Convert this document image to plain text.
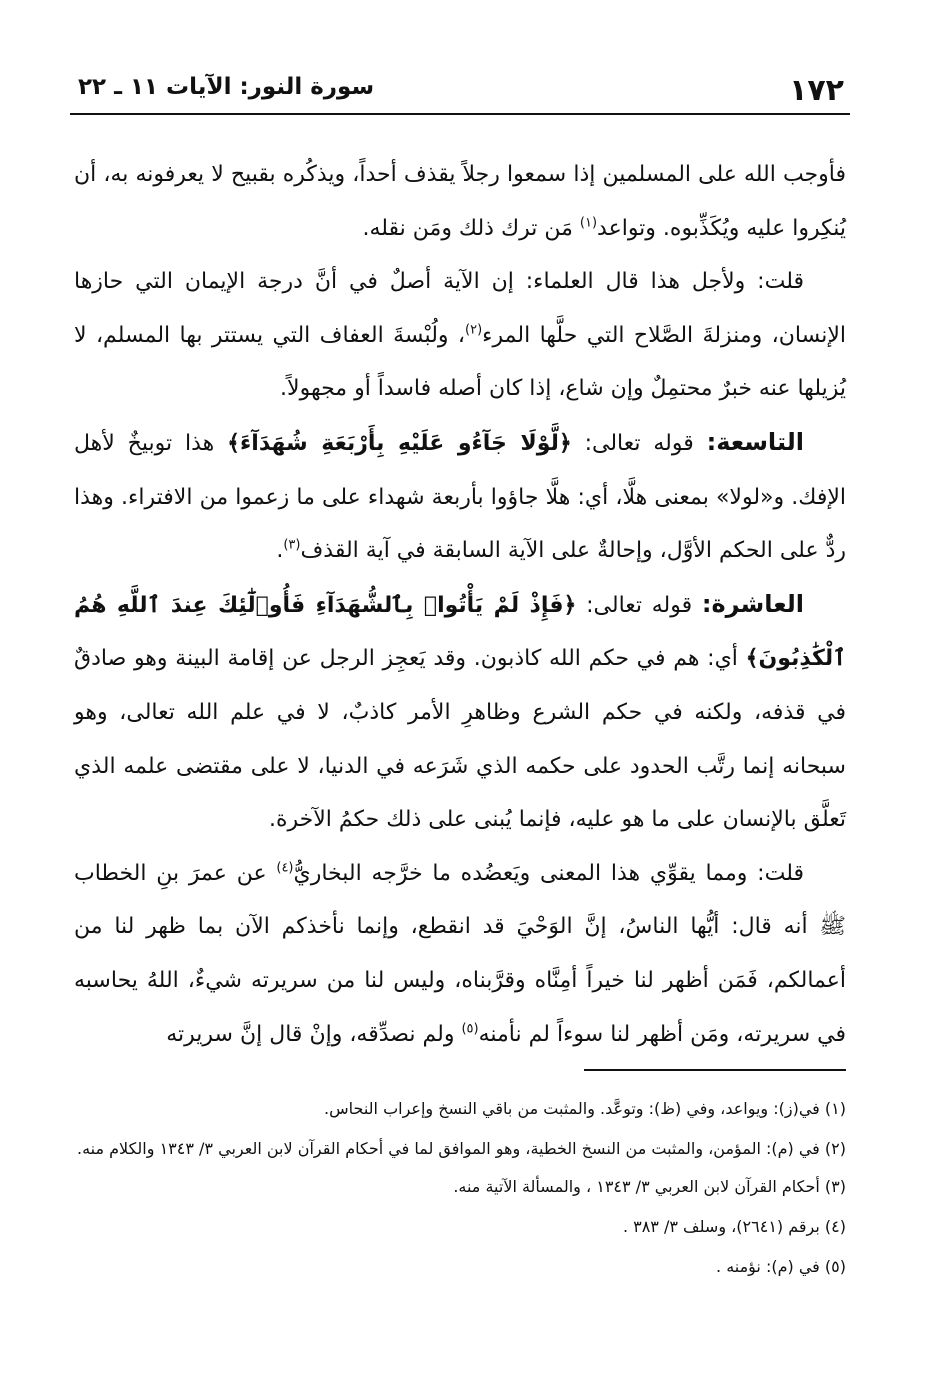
١٧٢
سورة النور: الآيات ١١ ـ ٢٢

فأوجب الله على المسلمين إذا سمعوا رجلاً يقذف أحداً، ويذكُره بقبيح لا يعرفونه به، أن يُنكِروا عليه ويُكَذِّبوه. وتواعد$^{(١)}$ مَن ترك ذلك ومَن نقله.

قلت: ولأجل هذا قال العلماء: إن الآية أصلٌ في أنَّ درجة الإيمان التي حازها الإنسان، ومنزلةَ الصَّلاح التي حلَّها المرء$^{(٢)}$، ولُبْسةَ العفاف التي يستتر بها المسلم، لا يُزيلها عنه خبرٌ محتمِلٌ وإن شاع، إذا كان أصله فاسداً أو مجهولاً.

التاسعة: قوله تعالى: ﴿لَّوْلَا جَآءُو عَلَيْهِ بِأَرْبَعَةِ شُهَدَآءَ﴾ هذا توبيخٌ لأهل الإفك. و«لولا» بمعنى هلَّا، أي: هلَّا جاؤوا بأربعة شهداء على ما زعموا من الافتراء. وهذا ردٌّ على الحكم الأوَّل، وإحالةٌ على الآية السابقة في آية القذف$^{(٣)}$.

العاشرة: قوله تعالى: ﴿فَإِذْ لَمْ يَأْتُوا۟ بِٱلشُّهَدَآءِ فَأُو۟لَٰٓئِكَ عِندَ ٱللَّهِ هُمُ ٱلْكَٰذِبُونَ﴾ أي: هم في حكم الله كاذبون. وقد يَعجِز الرجل عن إقامة البينة وهو صادقٌ في قذفه، ولكنه في حكم الشرع وظاهرِ الأمر كاذبٌ، لا في علم الله تعالى، وهو سبحانه إنما رتَّب الحدود على حكمه الذي شَرَعه في الدنيا، لا على مقتضى علمه الذي تَعلَّق بالإنسان على ما هو عليه، فإنما يُبنى على ذلك حكمُ الآخرة.

قلت: ومما يقوِّي هذا المعنى ويَعضُده ما خرَّجه البخاريُّ$^{(٤)}$ عن عمرَ بنِ الخطاب ﷺ أنه قال: أيُّها الناسُ، إنَّ الوَحْيَ قد انقطع، وإنما نأخذكم الآن بما ظهر لنا من أعمالكم، فَمَن أظهر لنا خيراً أمِنَّاه وقرَّبناه، وليس لنا من سريرته شيءٌ، اللهُ يحاسبه في سريرته، ومَن أظهر لنا سوءاً لم نأمنه$^{(٥)}$ ولم نصدِّقه، وإنْ قال إنَّ سريرته

(١) في(ز): ويواعد، وفي (ظ): وتوعَّد. والمثبت من باقي النسخ وإعراب النحاس.

(٢) في (م): المؤمن، والمثبت من النسخ الخطية، وهو الموافق لما في أحكام القرآن لابن العربي ٣/ ١٣٤٣ والكلام منه.

(٣) أحكام القرآن لابن العربي ٣/ ١٣٤٣ ، والمسألة الآتية منه.

(٤) برقم (٢٦٤١)، وسلف ٣/ ٣٨٣ .

(٥) في (م): نؤمنه .
